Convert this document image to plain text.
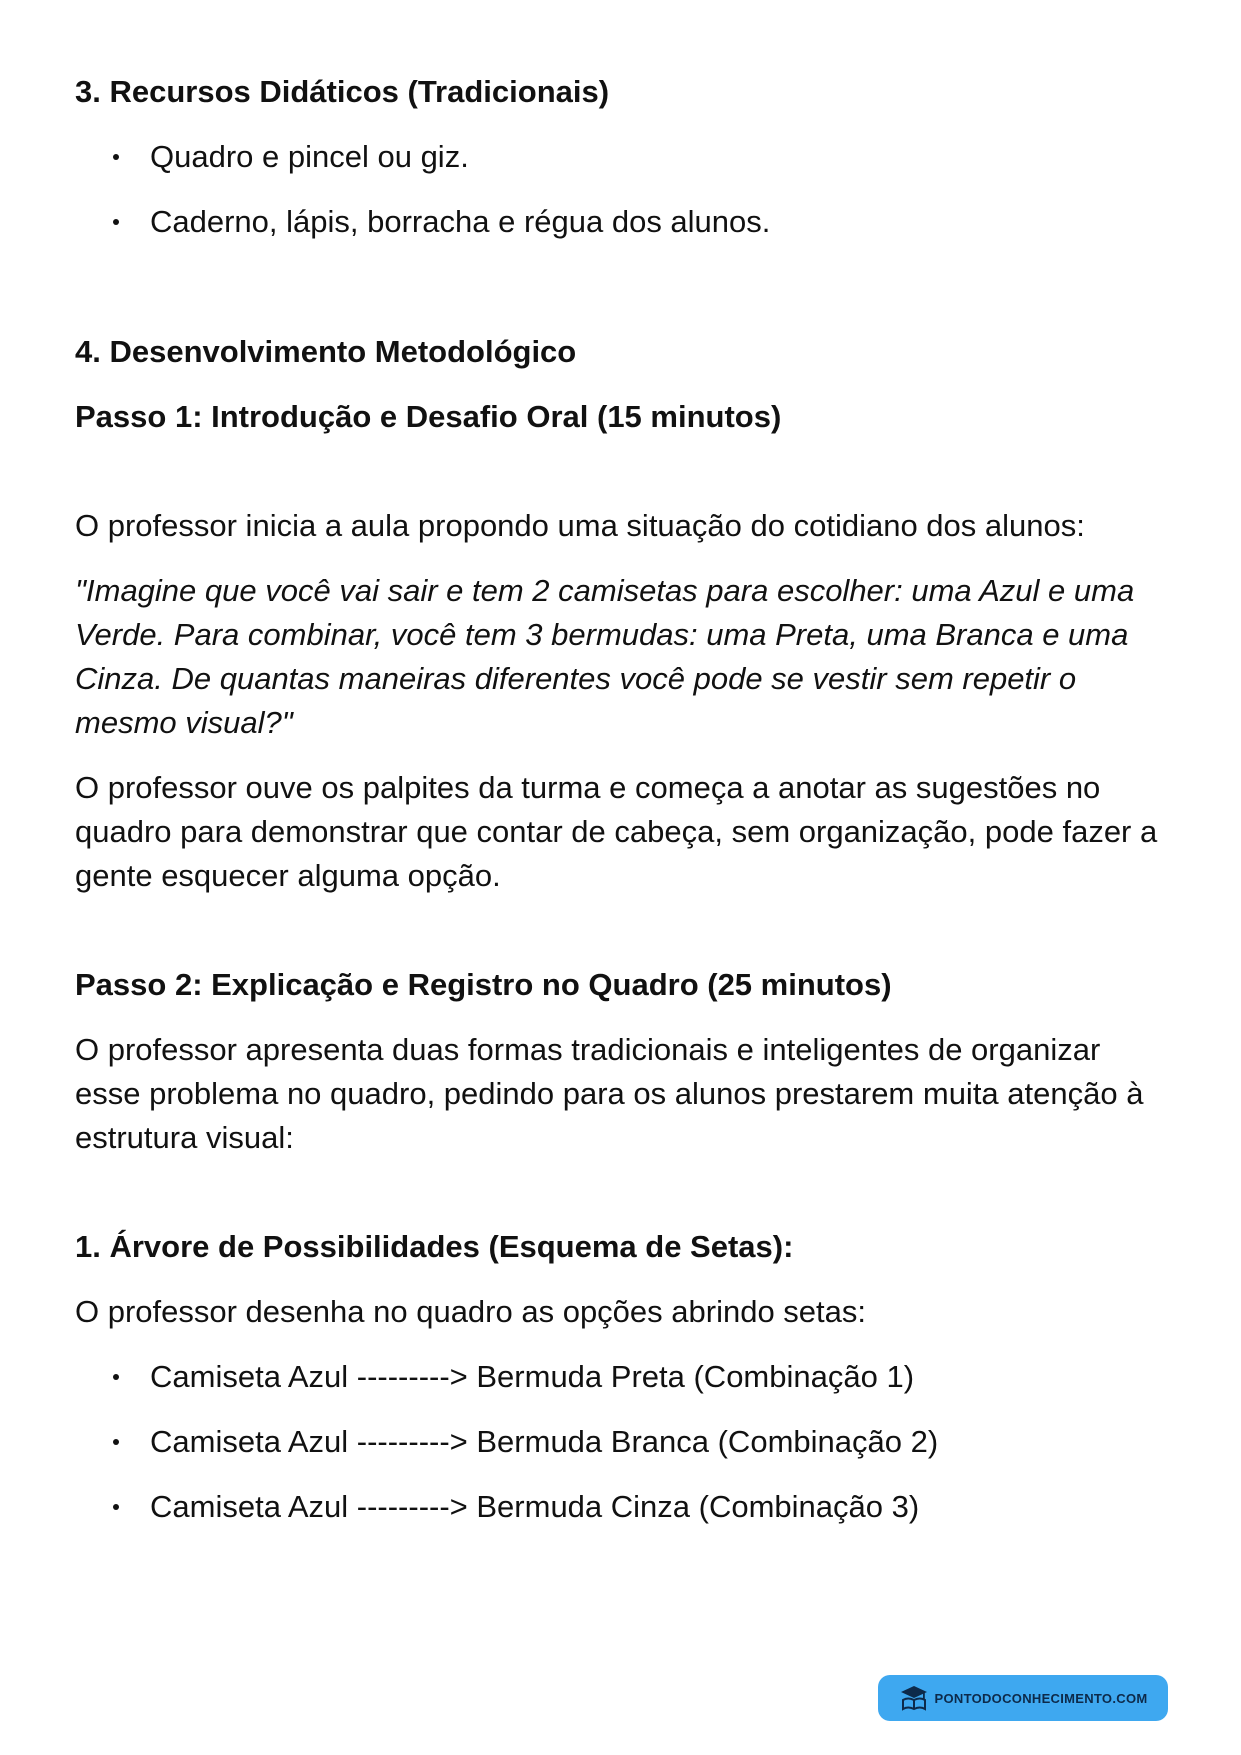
3. Recursos Didáticos (Tradicionais)
Quadro e pincel ou giz.
Caderno, lápis, borracha e régua dos alunos.
4. Desenvolvimento Metodológico
Passo 1: Introdução e Desafio Oral (15 minutos)

O professor inicia a aula propondo uma situação do cotidiano dos alunos:

"Imagine que você vai sair e tem 2 camisetas para escolher: uma Azul e uma Verde. Para combinar, você tem 3 bermudas: uma Preta, uma Branca e uma Cinza. De quantas maneiras diferentes você pode se vestir sem repetir o mesmo visual?"

O professor ouve os palpites da turma e começa a anotar as sugestões no quadro para demonstrar que contar de cabeça, sem organização, pode fazer a gente esquecer alguma opção.

Passo 2: Explicação e Registro no Quadro (25 minutos)

O professor apresenta duas formas tradicionais e inteligentes de organizar esse problema no quadro, pedindo para os alunos prestarem muita atenção à estrutura visual:

1. Árvore de Possibilidades (Esquema de Setas):

O professor desenha no quadro as opções abrindo setas:

Camiseta Azul ---------> Bermuda Preta (Combinação 1)
Camiseta Azul ---------> Bermuda Branca (Combinação 2)
Camiseta Azul ---------> Bermuda Cinza (Combinação 3)
PONTODOCONHECIMENTO.COM
